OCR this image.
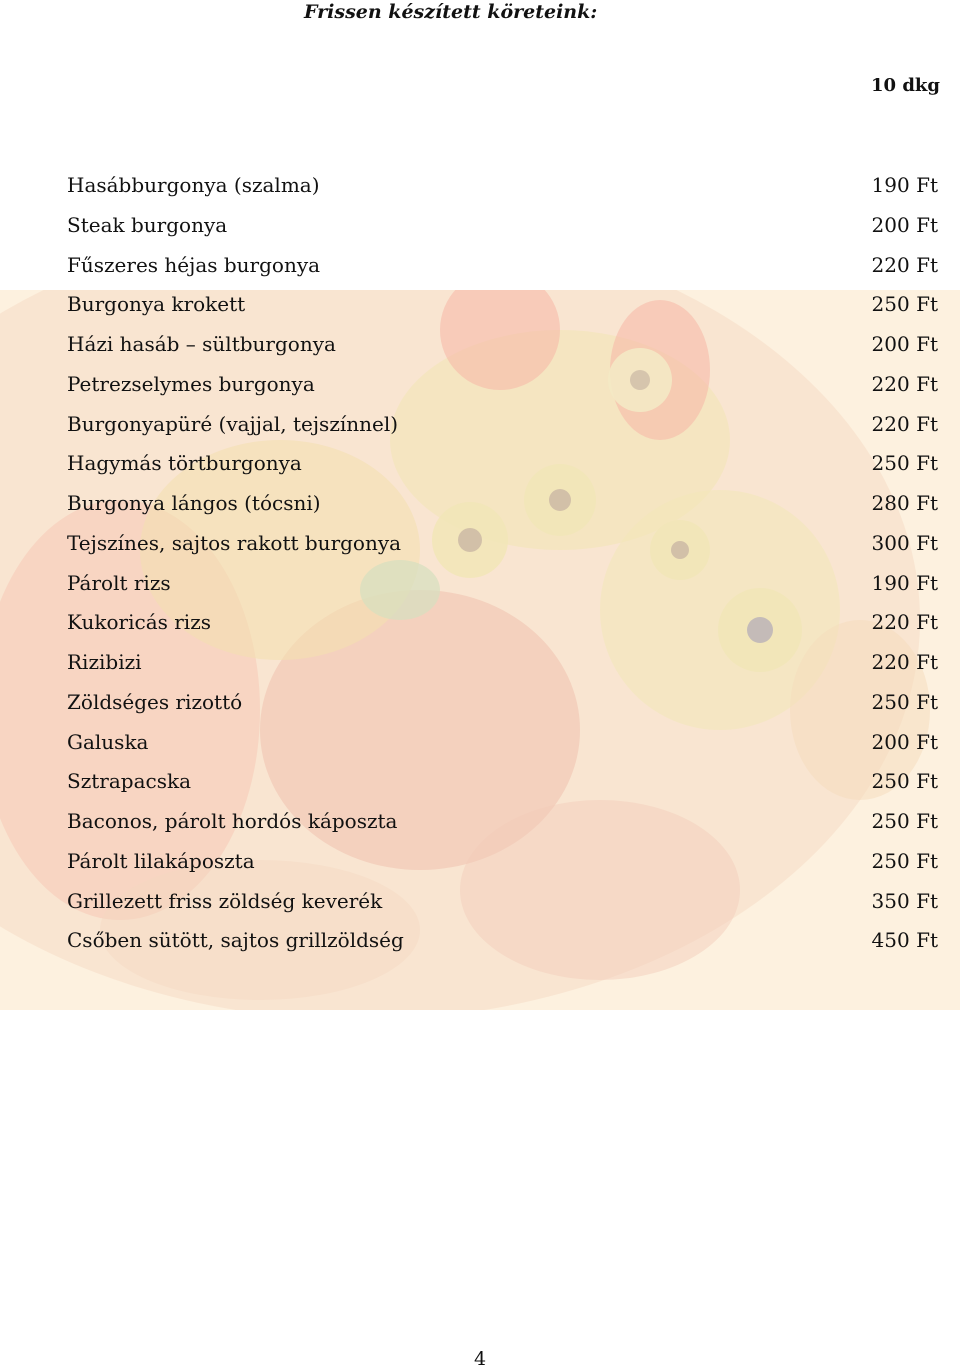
Frissen készített köreteink:
10 dkg
Hasábburgonya (szalma)	190 Ft
Steak burgonya	200 Ft
Fűszeres héjas burgonya	220 Ft
Burgonya krokett	250 Ft
Házi hasáb – sültburgonya	200 Ft
Petrezselymes burgonya	220 Ft
Burgonyapüré (vajjal, tejszínnel)	220 Ft
Hagymás törtburgonya	250 Ft
Burgonya lángos (tócsni)	280 Ft
Tejszínes, sajtos rakott burgonya	300 Ft
Párolt rizs	190 Ft
Kukoricás rizs	220 Ft
Rizibizi	220 Ft
Zöldséges rizottó	250 Ft
Galuska	200 Ft
Sztrapacska	250 Ft
Baconos, párolt hordós káposzta	250 Ft
Párolt lilakáposzta	250 Ft
Grillezett friss zöldség keverék	350 Ft
Csőben sütött, sajtos grillzöldség	450 Ft
4
